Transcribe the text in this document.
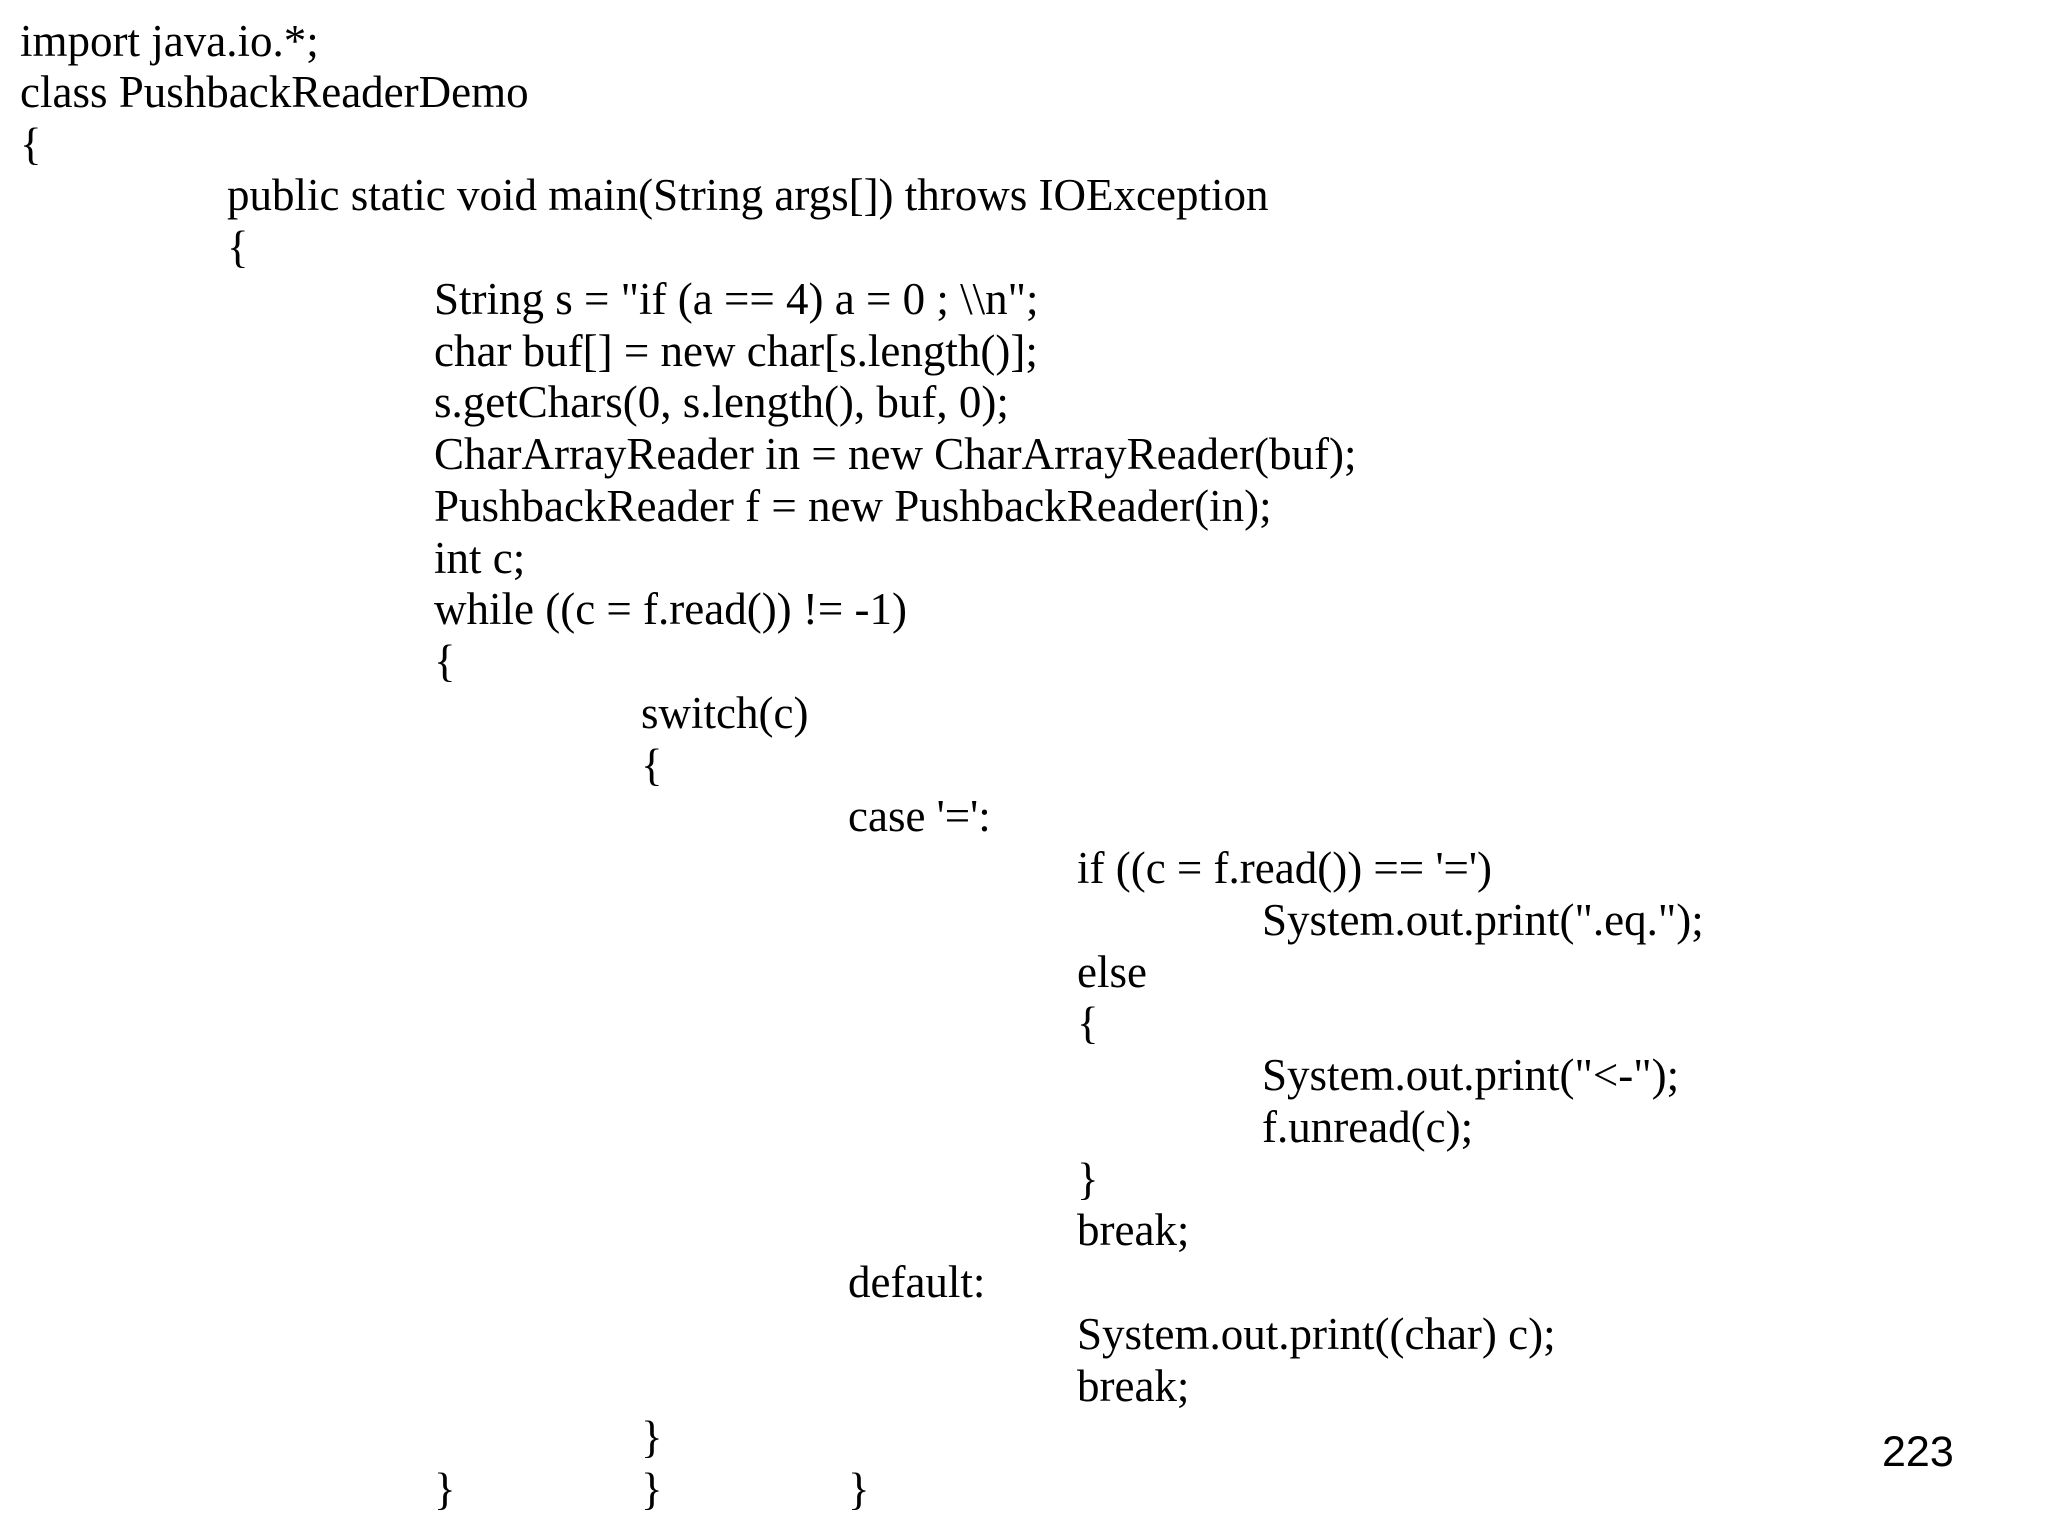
import java.io.*;
class PushbackReaderDemo
{
public static void main(String args[]) throws IOException
{
String s = "if (a == 4) a = 0 ; \\n";
char buf[] = new char[s.length()];
s.getChars(0, s.length(), buf, 0);
CharArrayReader in = new CharArrayReader(buf);
PushbackReader f = new PushbackReader(in);
int c;
while ((c = f.read()) != -1)
{
switch(c)
{
case '=':
if ((c = f.read()) == '=')
System.out.print(".eq.");
else
{
System.out.print("<-");
f.unread(c);
}
break;
default:
System.out.print((char) c);
break;
}
}	}	}
223
